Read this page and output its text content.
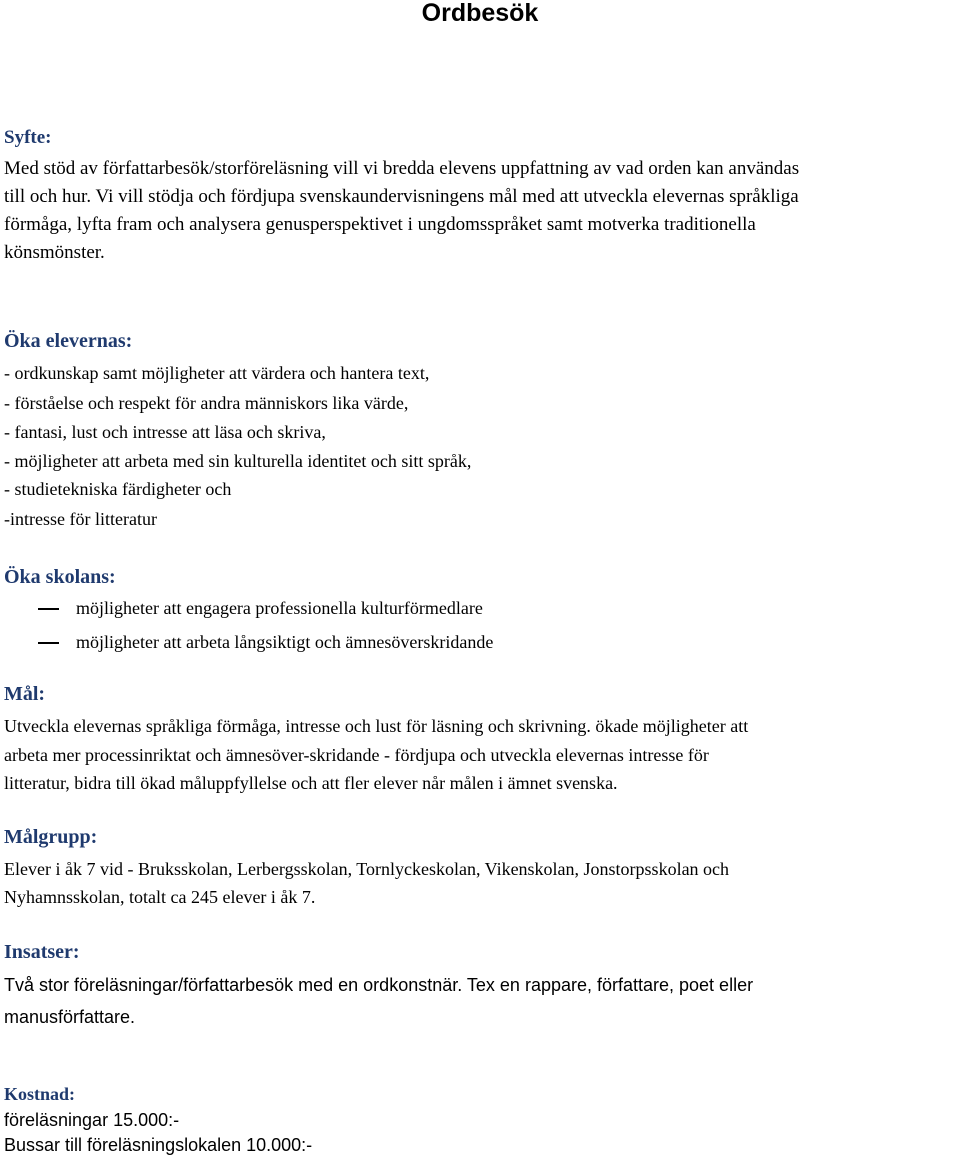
Ordbesök
Syfte:
Med stöd av författarbesök/storföreläsning vill vi bredda elevens uppfattning av vad orden kan användas
till och hur. Vi vill stödja och fördjupa svenskaundervisningens mål med att utveckla elevernas språkliga
förmåga, lyfta fram och analysera genusperspektivet i ungdomsspråket samt motverka traditionella
könsmönster.
Öka elevernas:
- ordkunskap samt möjligheter att värdera och hantera text,
- förståelse och respekt för andra människors lika värde,
- fantasi, lust och intresse att läsa och skriva,
- möjligheter att arbeta med sin kulturella identitet och sitt språk,
- studietekniska färdigheter och
-intresse för litteratur
Öka skolans:
möjligheter att engagera professionella kulturförmedlare
möjligheter att arbeta långsiktigt och ämnesöverskridande
Mål:
Utveckla elevernas språkliga förmåga, intresse och lust för läsning och skrivning. ökade möjligheter att
arbeta mer processinriktat och ämnesöver-skridande - fördjupa och utveckla elevernas intresse för
litteratur, bidra till ökad måluppfyllelse och att fler elever når målen i ämnet svenska.
Målgrupp:
Elever i åk 7 vid - Bruksskolan, Lerbergsskolan, Tornlyckeskolan, Vikenskolan, Jonstorpsskolan och
Nyhamnsskolan, totalt ca 245 elever i åk 7.
Insatser:
Två stor föreläsningar/författarbesök med en ordkonstnär. Tex en rappare, författare, poet eller
manusförfattare.
Kostnad:
föreläsningar 15.000:-
Bussar till föreläsningslokalen 10.000:-
